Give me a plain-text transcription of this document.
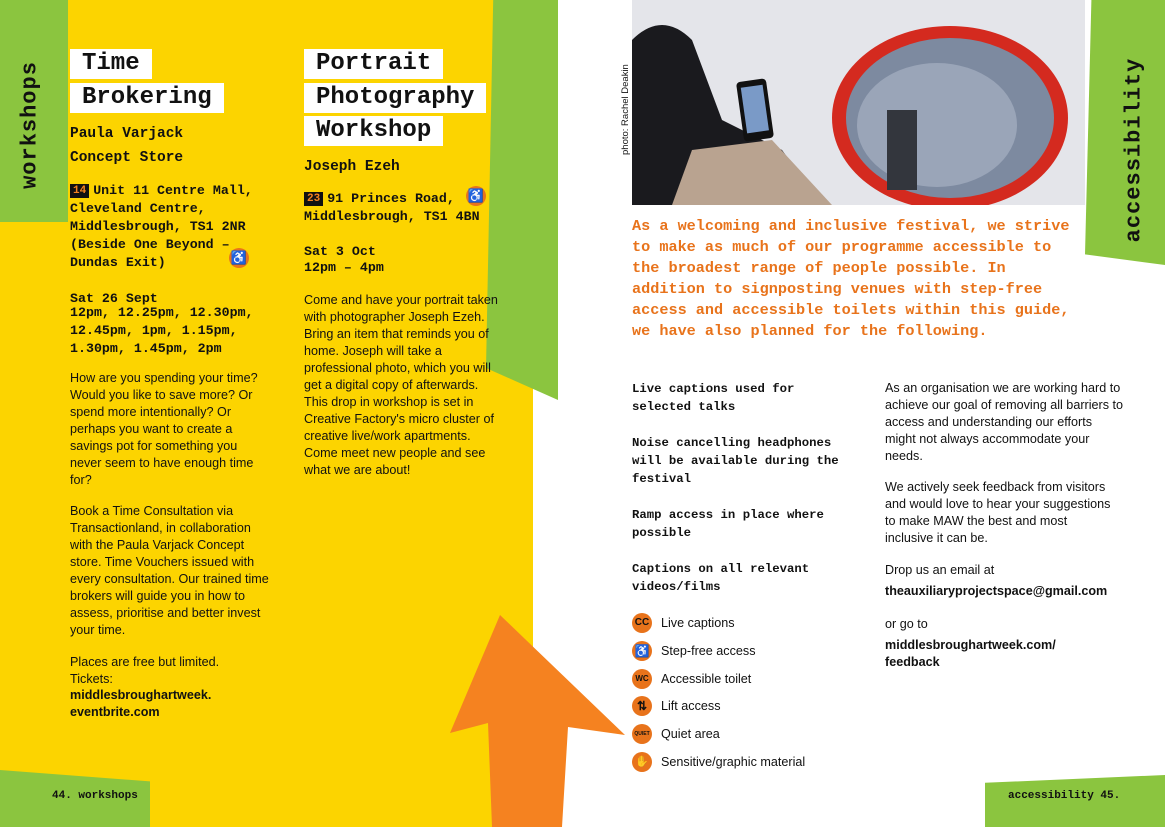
workshops	accessibility
Time
Brokering
Paula Varjack
Concept Store
14 Unit 11 Centre Mall,
Cleveland Centre,
Middlesbrough, TS1 2NR
(Beside One Beyond –
Dundas Exit)	♿
Sat 26 Sept
12pm, 12.25pm, 12.30pm,
12.45pm, 1pm, 1.15pm,
1.30pm, 1.45pm, 2pm
How are you spending your time? Would you like to save more? Or spend more intentionally? Or perhaps you want to create a savings pot for something you never seem to have enough time for?
Book a Time Consultation via Transactionland, in collaboration with the Paula Varjack Concept store. Time Vouchers issued with every consultation. Our trained time brokers will guide you in how to assess, prioritise and better invest your time.
Places are free but limited. Tickets:
middlesbroughartweek.
eventbrite.com
Portrait
Photography
Workshop
Joseph Ezeh
23 91 Princes Road,
Middlesbrough, TS1 4BN
♿
Sat 3 Oct
12pm – 4pm
Come and have your portrait taken with photographer Joseph Ezeh. Bring an item that reminds you of home. Joseph will take a professional photo, which you will get a digital copy of afterwards. This drop in workshop is set in Creative Factory's micro cluster of creative live/work apartments. Come meet new people and see what we are about!
44. workshops	accessibility 45.
photo: Rachel Deakin
As a welcoming and inclusive festival, we strive to make as much of our programme accessible to the broadest range of people possible. In addition to signposting venues with step-free access and accessible toilets within this guide, we have also planned for the following.
Live captions used for selected talks
Noise cancelling headphones will be available during the festival
Ramp access in place where possible
Captions on all relevant videos/films
CC Live captions
♿ Step-free access
WC Accessible toilet
⇅	Lift access
QUIET Quiet area
✋ Sensitive/graphic material
As an organisation we are working hard to achieve our goal of removing all barriers to access and understanding our efforts might not always accommodate your needs.
We actively seek feedback from visitors and would love to hear your suggestions to make MAW the best and most inclusive it can be.
Drop us an email at
theauxiliaryprojectspace@gmail.com
or go to
middlesbroughartweek.com/
feedback
